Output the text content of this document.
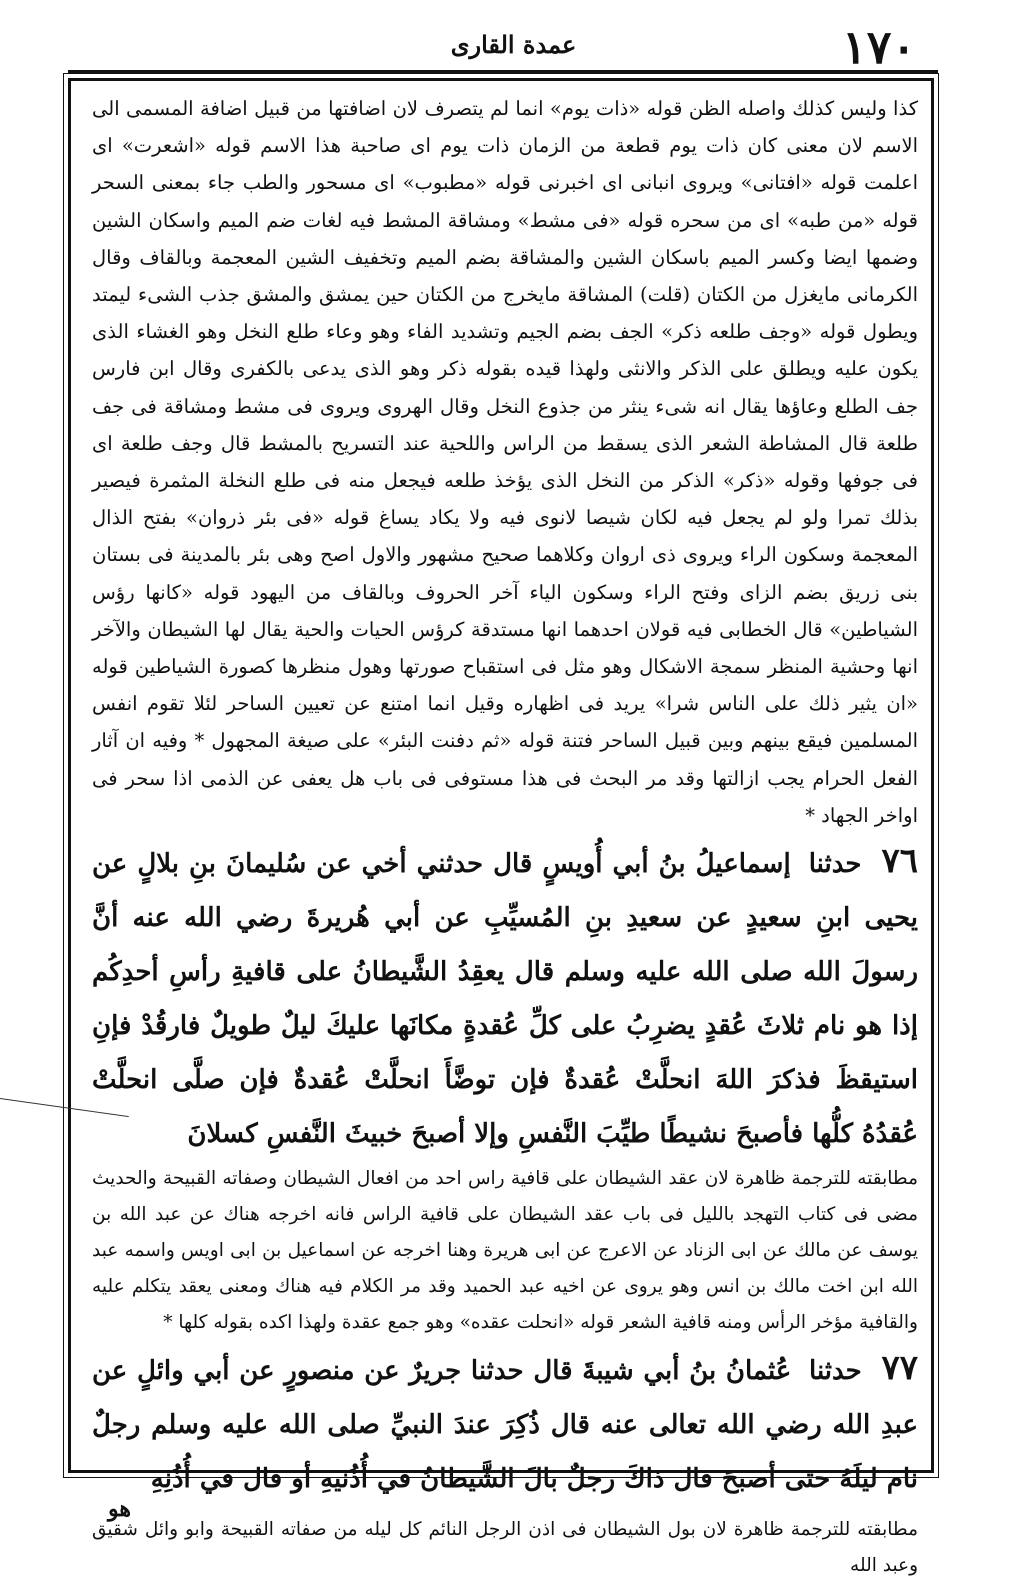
۱۷۰
عمدة القاری

كذا وليس كذلك واصله الظن قوله «ذات يوم» انما لم يتصرف لان اضافتها من قبيل اضافة المسمى الى الاسم لان معنى كان ذات يوم قطعة من الزمان ذات يوم اى صاحبة هذا الاسم قوله «اشعرت» اى اعلمت قوله «افتانى» ويروى انبانى اى اخبرنى قوله «مطبوب» اى مسحور والطب جاء بمعنى السحر قوله «من طبه» اى من سحره قوله «فى مشط» ومشاقة المشط فيه لغات ضم الميم واسكان الشين وضمها ايضا وكسر الميم باسكان الشين والمشاقة بضم الميم وتخفيف الشين المعجمة وبالقاف وقال الكرمانى مايغزل من الكتان (قلت) المشاقة مايخرج من الكتان حين يمشق والمشق جذب الشىء ليمتد ويطول قوله «وجف طلعه ذكر» الجف بضم الجيم وتشديد الفاء وهو وعاء طلع النخل وهو الغشاء الذى يكون عليه ويطلق على الذكر والانثى ولهذا قيده بقوله ذكر وهو الذى يدعى بالكفرى وقال ابن فارس جف الطلع وعاؤها يقال انه شىء ينثر من جذوع النخل وقال الهروى ويروى فى مشط ومشاقة فى جف طلعة قال المشاطة الشعر الذى يسقط من الراس واللحية عند التسريح بالمشط قال وجف طلعة اى فى جوفها وقوله «ذكر» الذكر من النخل الذى يؤخذ طلعه فيجعل منه فى طلع النخلة المثمرة فيصير بذلك تمرا ولو لم يجعل فيه لكان شيصا لانوى فيه ولا يكاد يساغ قوله «فى بئر ذروان» بفتح الذال المعجمة وسكون الراء ويروى ذى اروان وكلاهما صحيح مشهور والاول اصح وهى بئر بالمدينة فى بستان بنى زريق بضم الزاى وفتح الراء وسكون الياء آخر الحروف وبالقاف من اليهود قوله «كانها رؤس الشياطين» قال الخطابى فيه قولان احدهما انها مستدقة كرؤس الحيات والحية يقال لها الشيطان والآخر انها وحشية المنظر سمجة الاشكال وهو مثل فى استقباح صورتها وهول منظرها كصورة الشياطين قوله «ان يثير ذلك على الناس شرا» يريد فى اظهاره وقيل انما امتنع عن تعيين الساحر لئلا تقوم انفس المسلمين فيقع بينهم وبين قبيل الساحر فتنة قوله «ثم دفنت البئر» على صيغة المجهول * وفيه ان آثار الفعل الحرام يجب ازالتها وقد مر البحث فى هذا مستوفى فى باب هل يعفى عن الذمى اذا سحر فى اواخر الجهاد *

۷٦ حدثنا إسماعيلُ بنُ أبي أُويسٍ قال حدثني أخي عن سُليمانَ بنِ بلالٍ عن يحيى ابنِ سعيدٍ عن سعيدِ بنِ المُسيِّبِ عن أبي هُريرةَ رضي الله عنه أنَّ رسولَ الله صلى الله عليه وسلم قال يعقِدُ الشَّيطانُ على قافيةِ رأسِ أحدِكُم إذا هو نام ثلاثَ عُقدٍ يضرِبُ على كلِّ عُقدةٍ مكانَها عليكَ ليلٌ طويلٌ فارقُدْ فإنِ استيقظَ فذكرَ اللهَ انحلَّتْ عُقدةٌ فإن توضَّأَ انحلَّتْ عُقدةٌ فإن صلَّى انحلَّتْ عُقدُهُ كلُّها فأصبحَ نشيطًا طيِّبَ النَّفسِ وإلا أصبحَ خبيثَ النَّفسِ كسلانَ

مطابقته للترجمة ظاهرة لان عقد الشيطان على قافية راس احد من افعال الشيطان وصفاته القبيحة والحديث مضى فى كتاب التهجد بالليل فى باب عقد الشيطان على قافية الراس فانه اخرجه هناك عن عبد الله بن يوسف عن مالك عن ابى الزناد عن الاعرج عن ابى هريرة وهنا اخرجه عن اسماعيل بن ابى اويس واسمه عبد الله ابن اخت مالك بن انس وهو يروى عن اخيه عبد الحميد وقد مر الكلام فيه هناك ومعنى يعقد يتكلم عليه والقافية مؤخر الرأس ومنه قافية الشعر قوله «انحلت عقده» وهو جمع عقدة ولهذا اكده بقوله كلها *

۷۷ حدثنا عُثمانُ بنُ أبي شيبةَ قال حدثنا جريرٌ عن منصورٍ عن أبي وائلٍ عن عبدِ الله رضي الله تعالى عنه قال ذُكِرَ عندَ النبيِّ صلى الله عليه وسلم رجلٌ نام ليلَهُ حتى أصبحَ قال ذاكَ رجلٌ بالَ الشَّيطانُ في أُذُنيهِ أو قال في أُذُنِهِ

مطابقته للترجمة ظاهرة لان بول الشيطان فى اذن الرجل النائم كل ليله من صفاته القبيحة وابو وائل شقيق وعبد الله

هو
